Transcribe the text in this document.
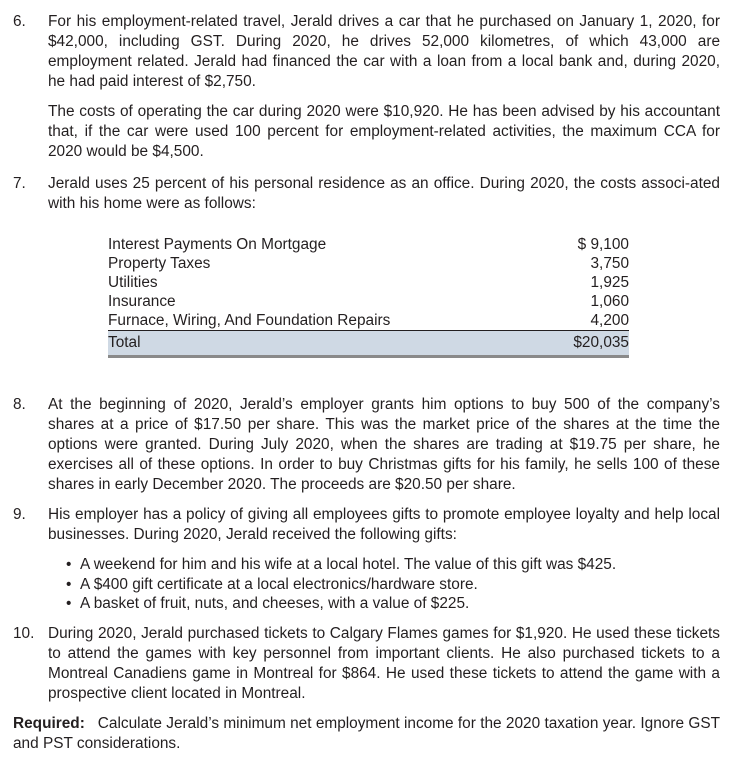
6.	For his employment-related travel, Jerald drives a car that he purchased on January 1, 2020, for $42,000, including GST. During 2020, he drives 52,000 kilometres, of which 43,000 are employment related. Jerald had financed the car with a loan from a local bank and, during 2020, he had paid interest of $2,750.

The costs of operating the car during 2020 were $10,920. He has been advised by his accountant that, if the car were used 100 percent for employment-related activities, the maximum CCA for 2020 would be $4,500.

7.	Jerald uses 25 percent of his personal residence as an office. During 2020, the costs associ-ated with his home were as follows:

Interest Payments On Mortgage	$ 9,100
Property Taxes	3,750
Utilities	1,925
Insurance	1,060
Furnace, Wiring, And Foundation Repairs	4,200
Total	$20,035
8.	At the beginning of 2020, Jerald’s employer grants him options to buy 500 of the company’s shares at a price of $17.50 per share. This was the market price of the shares at the time the options were granted. During July 2020, when the shares are trading at $19.75 per share, he exercises all of these options. In order to buy Christmas gifts for his family, he sells 100 of these shares in early December 2020. The proceeds are $20.50 per share.

9.	His employer has a policy of giving all employees gifts to promote employee loyalty and help local businesses. During 2020, Jerald received the following gifts:

• A weekend for him and his wife at a local hotel. The value of this gift was $425.
• A $400 gift certificate at a local electronics/hardware store.
• A basket of fruit, nuts, and cheeses, with a value of $225.
10. During 2020, Jerald purchased tickets to Calgary Flames games for $1,920. He used these tickets to attend the games with key personnel from important clients. He also purchased tickets to a Montreal Canadiens game in Montreal for $864. He used these tickets to attend the game with a prospective client located in Montreal.

Required: Calculate Jerald’s minimum net employment income for the 2020 taxation year. Ignore GST and PST considerations.
